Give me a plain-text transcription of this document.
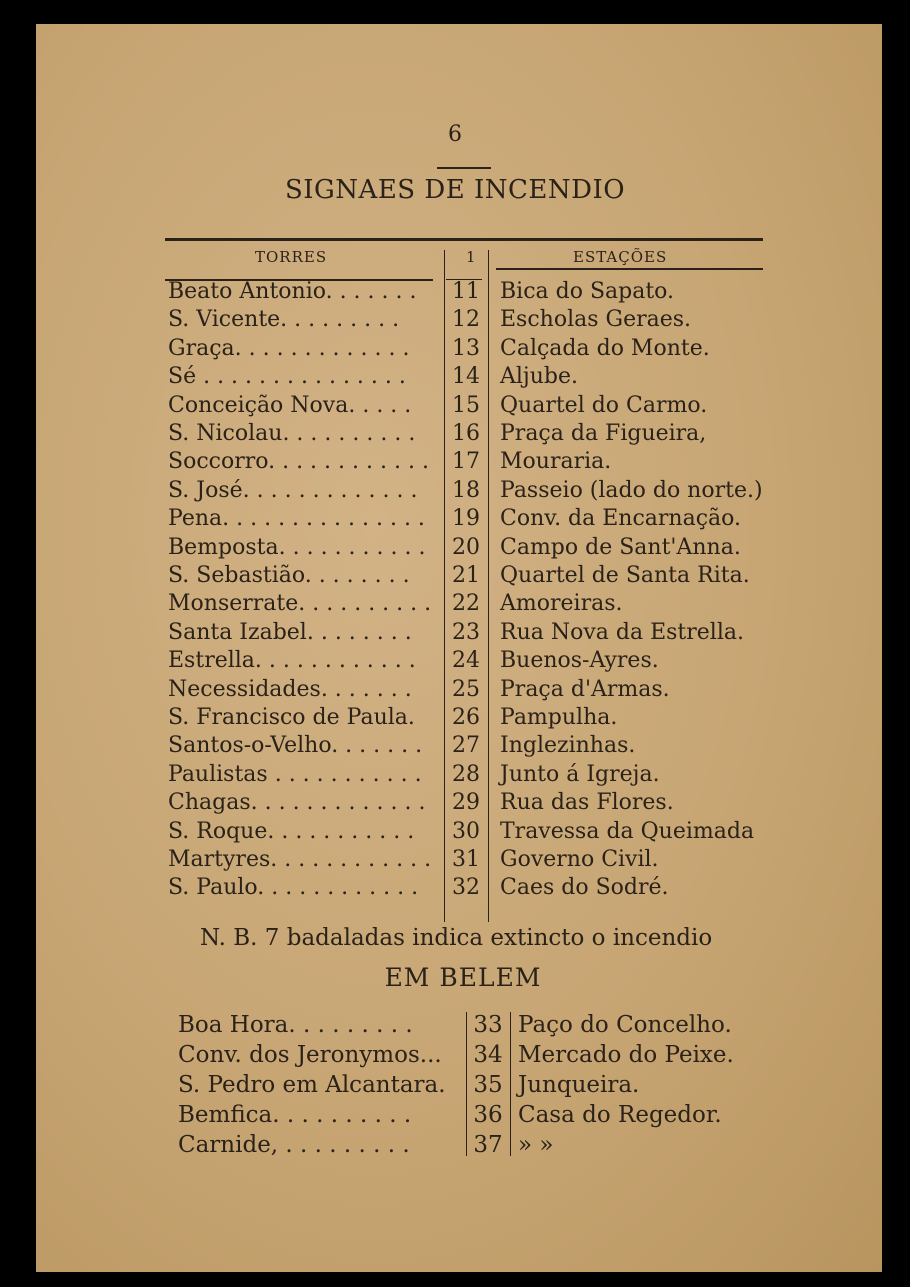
6
SIGNAES DE INCENDIO
TORRES	1	ESTAÇÕES
Beato Antonio. . . . . . .	11 Bica do Sapato.
S. Vicente. . . . . . . . .	12 Escholas Geraes.
Graça. . . . . . . . . . . . .	13 Calçada do Monte.
Sé . . . . . . . . . . . . . . .	14 Aljube.
Conceição Nova. . . . .	15 Quartel do Carmo.
S. Nicolau. . . . . . . . . .	16 Praça da Figueira,
Soccorro. . . . . . . . . . . .	17 Mouraria.
S. José. . . . . . . . . . . . .	18 Passeio (lado do norte.)
Pena. . . . . . . . . . . . . . .	19 Conv. da Encarnação.
Bemposta. . . . . . . . . . .	20 Campo de Sant'Anna.
S. Sebastião. . . . . . . .	21 Quartel de Santa Rita.
Monserrate. . . . . . . . . . 22 Amoreiras.
Santa Izabel. . . . . . . .	23 Rua Nova da Estrella.
Estrella. . . . . . . . . . . .	24 Buenos-Ayres.
Necessidades. . . . . . .	25 Praça d'Armas.
S. Francisco de Paula.	26 Pampulha.
Santos-o-Velho. . . . . . .	27 Inglezinhas.
Paulistas . . . . . . . . . . .	28 Junto á Igreja.
Chagas. . . . . . . . . . . . .	29 Rua das Flores.
S. Roque. . . . . . . . . . .	30 Travessa da Queimada
Martyres. . . . . . . . . . . . 31 Governo Civil.
S. Paulo. . . . . . . . . . . .	32 Caes do Sodré.
N. B. 7 badaladas indica extincto o incendio
EM BELEM
Boa Hora. . . . . . . . .	33 Paço do Concelho.
Conv. dos Jeronymos...	34 Mercado do Peixe.
S. Pedro em Alcantara.	35 Junqueira.
Bemfica. . . . . . . . . .	36 Casa do Regedor.
Carnide, . . . . . . . . .	37 » »
